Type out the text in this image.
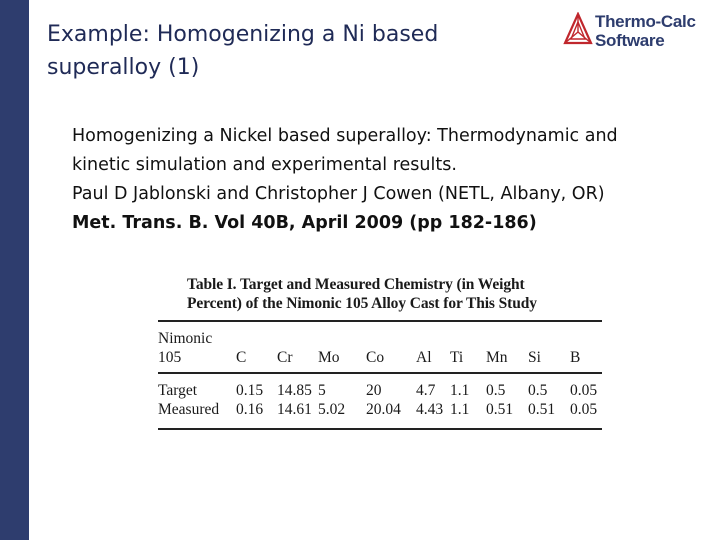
Example: Homogenizing a Ni based
superalloy (1)
Thermo-Calc
Software
Homogenizing a Nickel based superalloy: Thermodynamic and
kinetic simulation and experimental results.
Paul D Jablonski and Christopher J Cowen (NETL, Albany, OR)
Met. Trans. B. Vol 40B, April 2009 (pp 182-186)
Table I. Target and Measured Chemistry (in Weight
Percent) of the Nimonic 105 Alloy Cast for This Study
Nimonic
105	C Cr Mo Co Al Ti Mn Si B
Target	0.15 14.85 5	20 4.7 1.1 0.5 0.5 0.05
Measured 0.16 14.61 5.02 20.04 4.43 1.1 0.51 0.51 0.05
